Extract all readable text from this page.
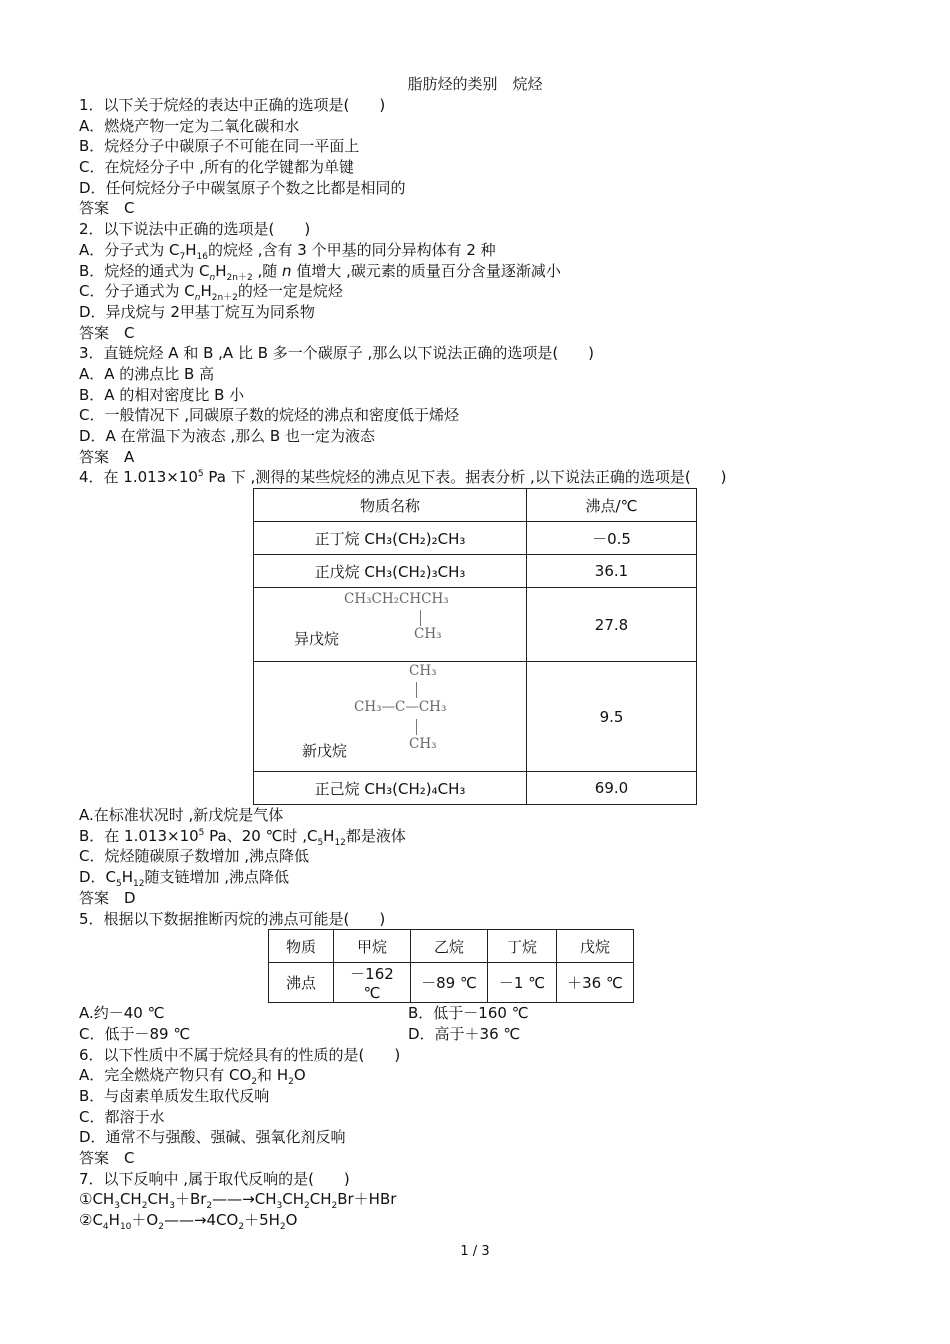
脂肪烃的类别　烷烃
1．以下关于烷烃的表达中正确的选项是(　　)
A．燃烧产物一定为二氧化碳和水
B．烷烃分子中碳原子不可能在同一平面上
C．在烷烃分子中 ,所有的化学键都为单键
D．任何烷烃分子中碳氢原子个数之比都是相同的
答案　C
2．以下说法中正确的选项是(　　)
A．分子式为 $C_7H_{16}$的烷烃 ,含有 3 个甲基的同分异构体有 2 种
B．烷烃的通式为 $C_nH_{2n+2}$ ,随 n 值增大 ,碳元素的质量百分含量逐渐减小
C．分子通式为 $C_nH_{2n+2}$的烃一定是烷烃
D．异戊烷与 2甲基丁烷互为同系物
答案　C
3．直链烷烃 A 和 B ,A 比 B 多一个碳原子 ,那么以下说法正确的选项是(　　)
A．A 的沸点比 B 高
B．A 的相对密度比 B 小
C．一般情况下 ,同碳原子数的烷烃的沸点和密度低于烯烃
D．A 在常温下为液态 ,那么 B 也一定为液态
答案　A
4．在 $1.013\times 10^5$ Pa 下 ,测得的某些烷烃的沸点见下表。据表分析 ,以下说法正确的选项是(　　)
物质名称	沸点/℃
正丁烷 CH₃(CH₂)₂CH₃	－0.5
正戊烷 CH₃(CH₂)₃CH₃	36.1

CH₃CH₂CHCH₃
CH₃
异戊烷	27.8

CH₃
CH₃—C—CH₃
CH₃
新戊烷	9.5
正己烷 CH₃(CH₂)₄CH₃	69.0
A.在标准状况时 ,新戊烷是气体
B．在 $1.013\times 10^5$ Pa、20 ℃时 $,C_5H_{12}$都是液体
C．烷烃随碳原子数增加 ,沸点降低
D．$C_5H_{12}$随支链增加 ,沸点降低
答案　D
5．根据以下数据推断丙烷的沸点可能是(　　)
物质	甲烷	乙烷	丁烷	戊烷
沸点	－162 ℃	－89 ℃	－1 ℃	＋36 ℃
A.约－40 ℃	B．低于－160 ℃
C．低于－89 ℃	D．高于＋36 ℃
6．以下性质中不属于烷烃具有的性质的是(　　)
A．完全燃烧产物只有 $CO_2$和 $H_2O$
B．与卤素单质发生取代反响
C．都溶于水
D．通常不与强酸、强碱、强氧化剂反响
答案　C
7．以下反响中 ,属于取代反响的是(　　)
$①CH_3CH_2CH_3+Br_2——\to CH_3CH_2CH_2Br+HBr$
$②C_4H_{10}+O_2——\to 4CO_2+5H_2O$
1 / 3
